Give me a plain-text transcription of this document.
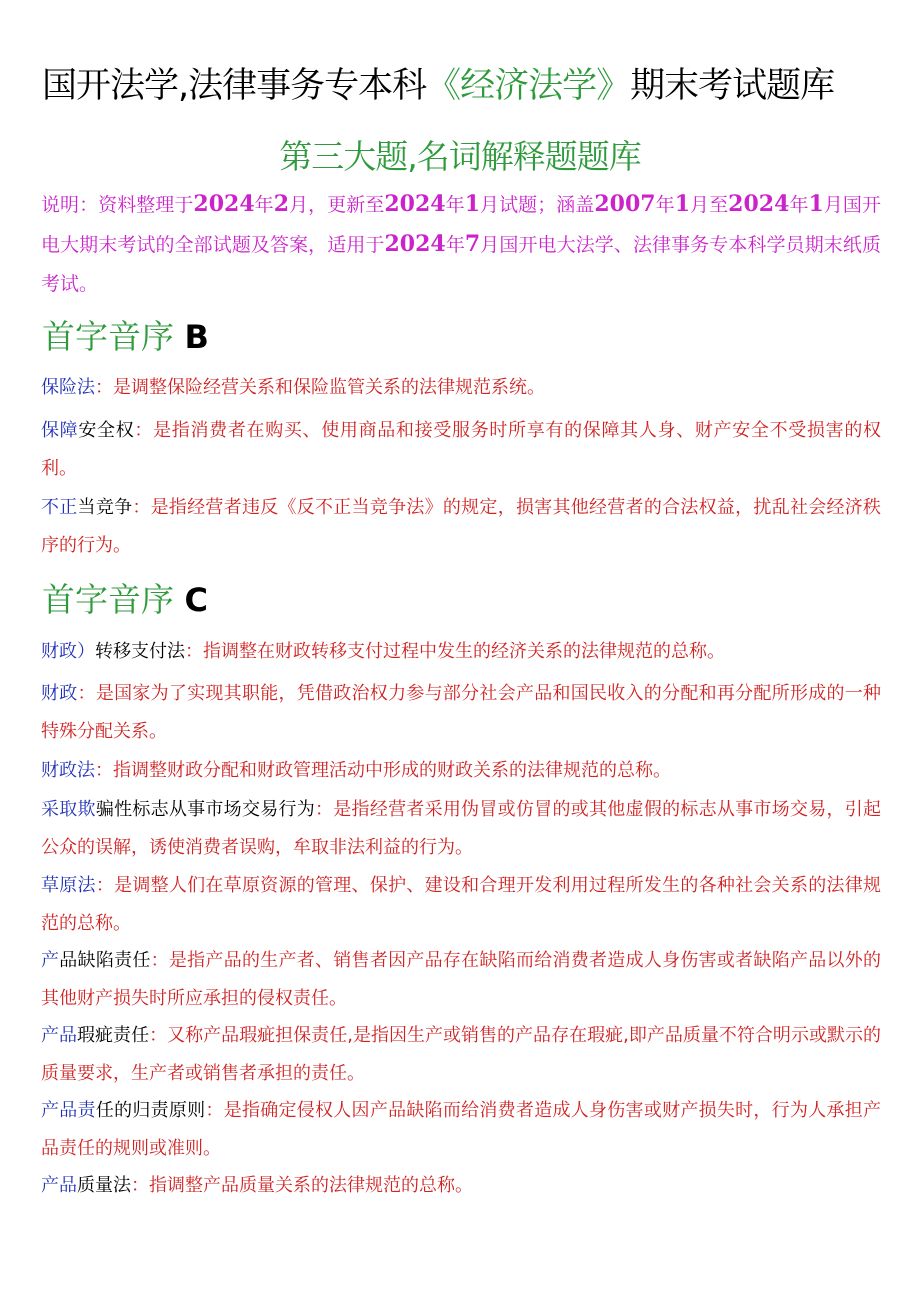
国开法学,法律事务专本科《经济法学》期末考试题库
第三大题,名词解释题题库
说明：资料整理于2024年2月，更新至2024年1月试题；涵盖2007年1月至2024年1月国开电大期末考试的全部试题及答案，适用于2024年7月国开电大法学、法律事务专本科学员期末纸质考试。
首字音序 B
保险法：是调整保险经营关系和保险监管关系的法律规范系统。
保障安全权：是指消费者在购买、使用商品和接受服务时所享有的保障其人身、财产安全不受损害的权利。
不正当竞争：是指经营者违反《反不正当竞争法》的规定，损害其他经营者的合法权益，扰乱社会经济秩序的行为。
首字音序 C
财政）转移支付法：指调整在财政转移支付过程中发生的经济关系的法律规范的总称。
财政：是国家为了实现其职能，凭借政治权力参与部分社会产品和国民收入的分配和再分配所形成的一种特殊分配关系。
财政法：指调整财政分配和财政管理活动中形成的财政关系的法律规范的总称。
采取欺骗性标志从事市场交易行为：是指经营者采用伪冒或仿冒的或其他虚假的标志从事市场交易，引起公众的误解，诱使消费者误购，牟取非法利益的行为。
草原法：是调整人们在草原资源的管理、保护、建设和合理开发利用过程所发生的各种社会关系的法律规范的总称。
产品缺陷责任：是指产品的生产者、销售者因产品存在缺陷而给消费者造成人身伤害或者缺陷产品以外的其他财产损失时所应承担的侵权责任。
产品瑕疵责任：又称产品瑕疵担保责任,是指因生产或销售的产品存在瑕疵,即产品质量不符合明示或默示的质量要求，生产者或销售者承担的责任。
产品责任的归责原则：是指确定侵权人因产品缺陷而给消费者造成人身伤害或财产损失时，行为人承担产品责任的规则或准则。
产品质量法：指调整产品质量关系的法律规范的总称。
